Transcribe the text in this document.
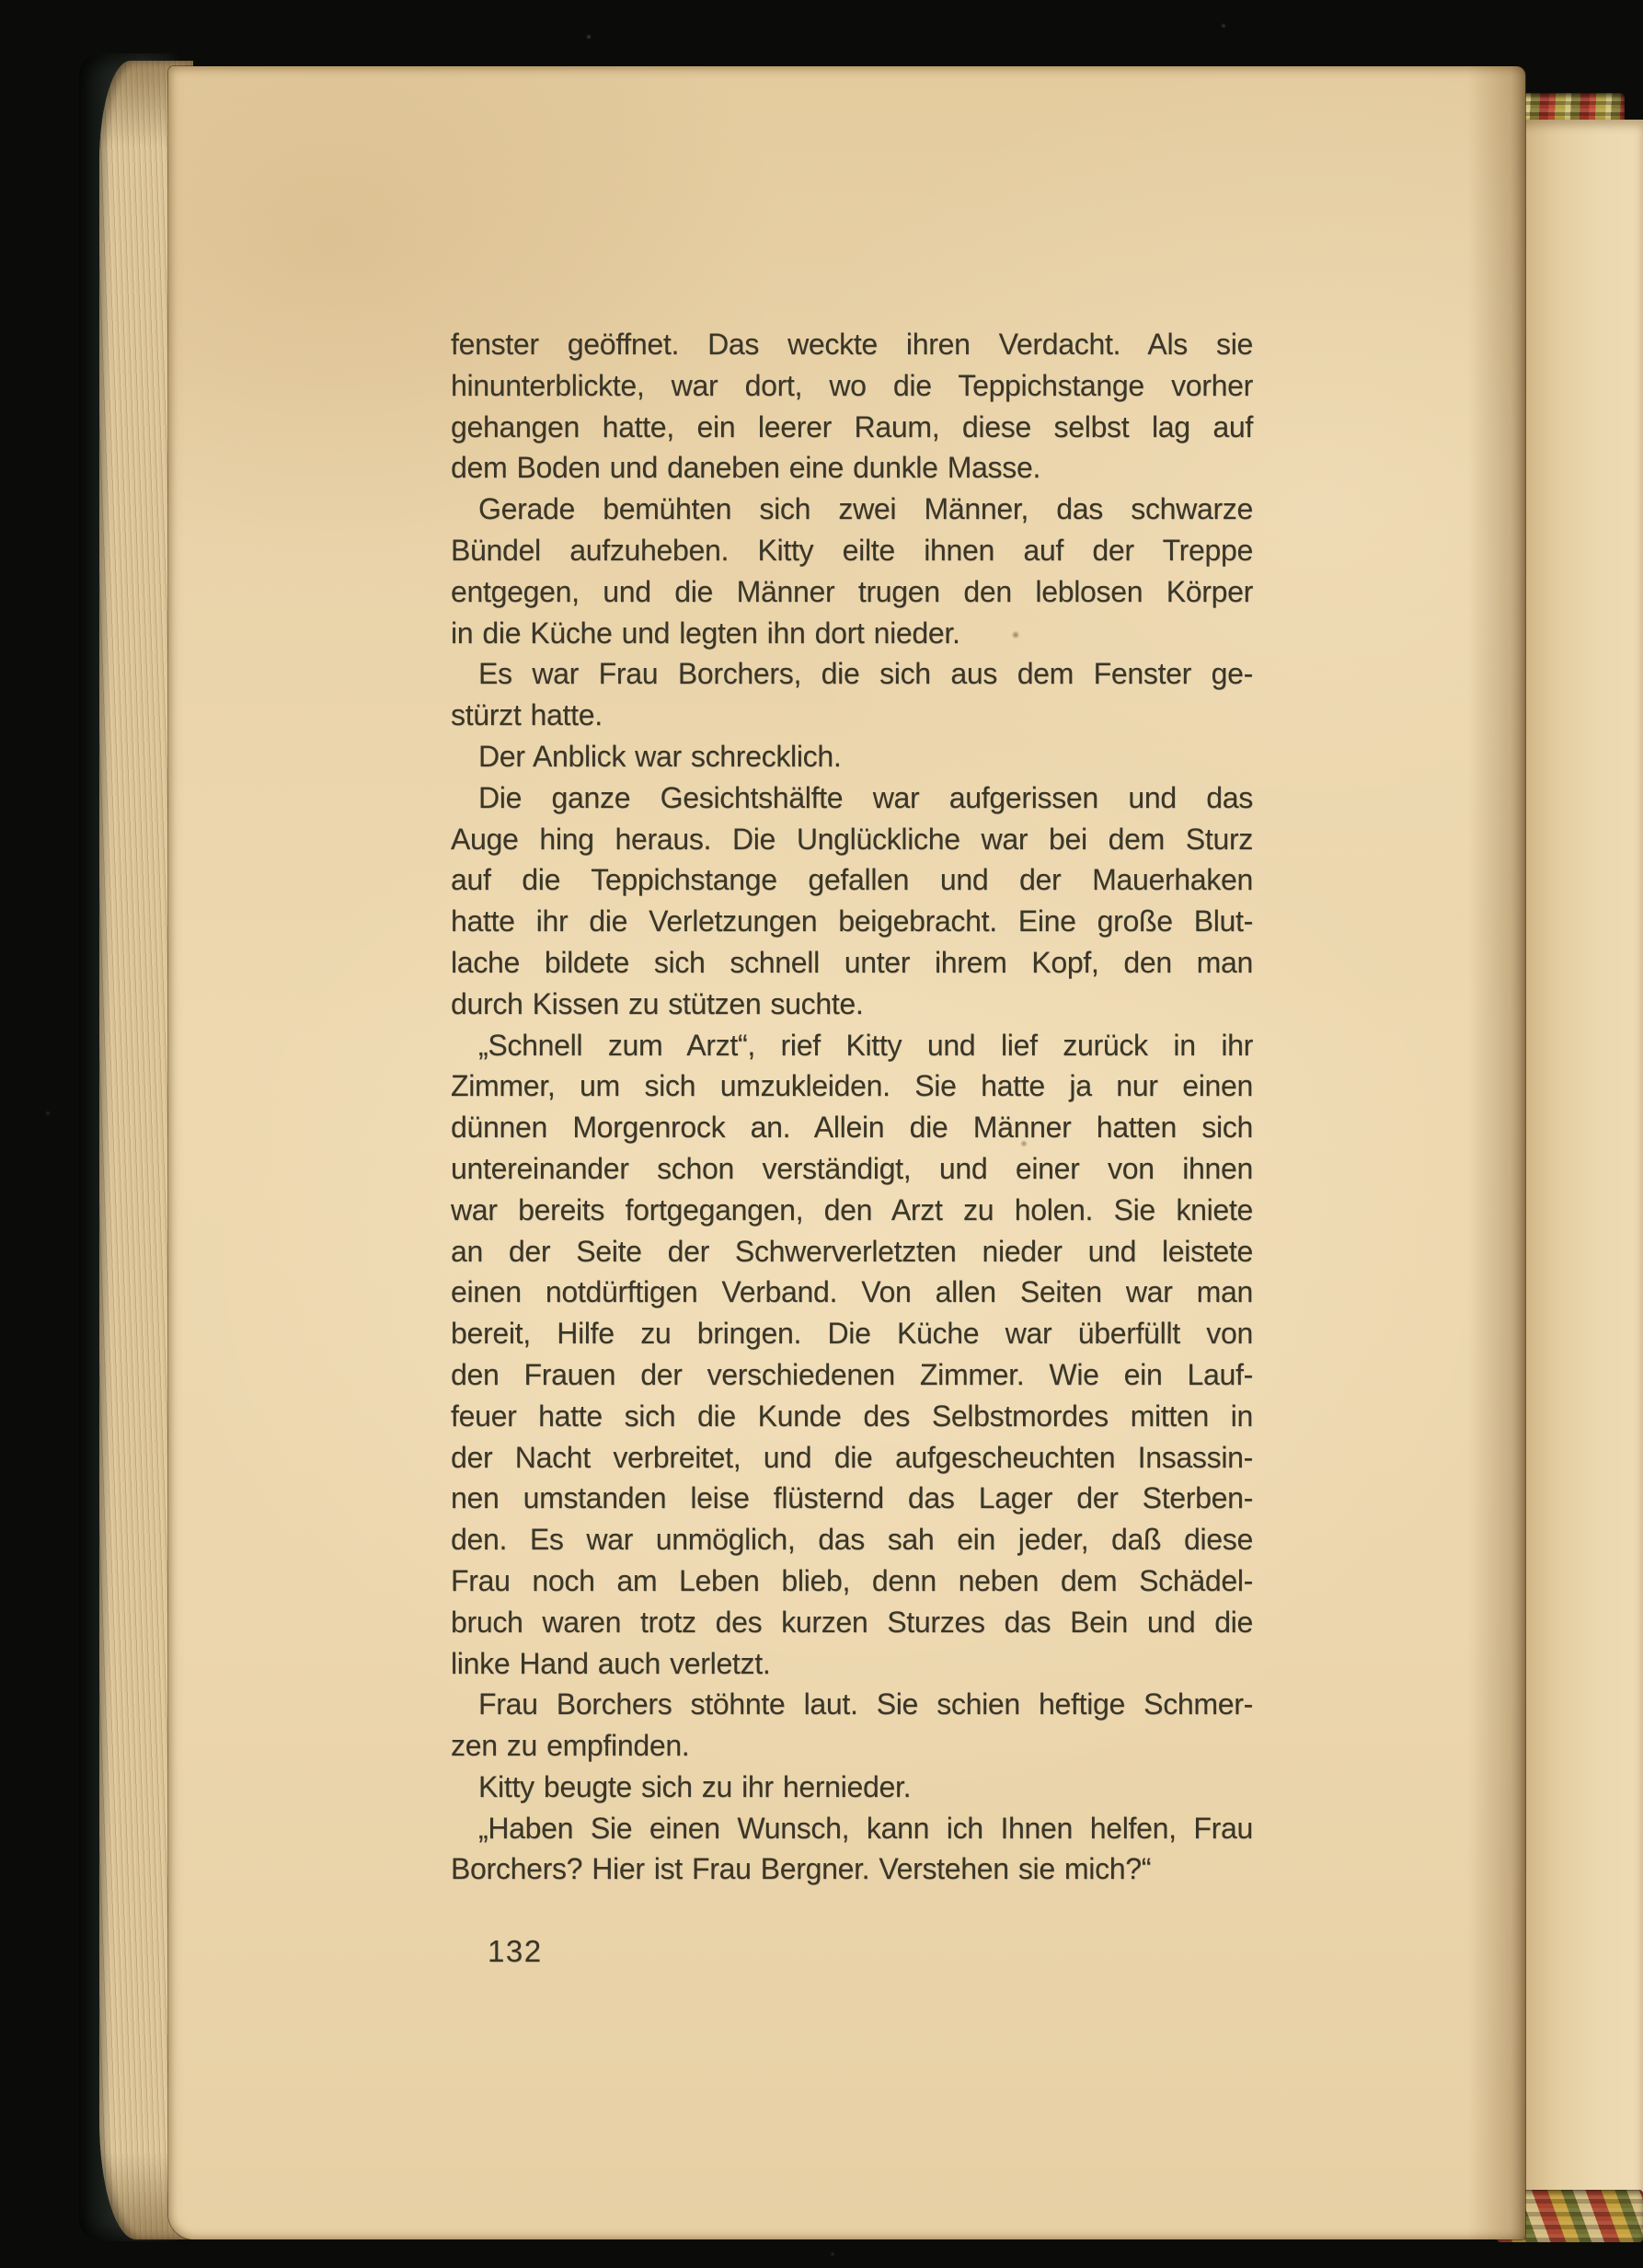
fenster geöffnet. Das weckte ihren Verdacht. Als sie
hinunterblickte, war dort, wo die Teppichstange vorher
gehangen hatte, ein leerer Raum, diese selbst lag auf
dem Boden und daneben eine dunkle Masse.
Gerade bemühten sich zwei Männer, das schwarze
Bündel aufzuheben. Kitty eilte ihnen auf der Treppe
entgegen, und die Männer trugen den leblosen Körper
in die Küche und legten ihn dort nieder.
Es war Frau Borchers, die sich aus dem Fenster ge-
stürzt hatte.
Der Anblick war schrecklich.
Die ganze Gesichtshälfte war aufgerissen und das
Auge hing heraus. Die Unglückliche war bei dem Sturz
auf die Teppichstange gefallen und der Mauerhaken
hatte ihr die Verletzungen beigebracht. Eine große Blut-
lache bildete sich schnell unter ihrem Kopf, den man
durch Kissen zu stützen suchte.
„Schnell zum Arzt“, rief Kitty und lief zurück in ihr
Zimmer, um sich umzukleiden. Sie hatte ja nur einen
dünnen Morgenrock an. Allein die Männer hatten sich
untereinander schon verständigt, und einer von ihnen
war bereits fortgegangen, den Arzt zu holen. Sie kniete
an der Seite der Schwerverletzten nieder und leistete
einen notdürftigen Verband. Von allen Seiten war man
bereit, Hilfe zu bringen. Die Küche war überfüllt von
den Frauen der verschiedenen Zimmer. Wie ein Lauf-
feuer hatte sich die Kunde des Selbstmordes mitten in
der Nacht verbreitet, und die aufgescheuchten Insassin-
nen umstanden leise flüsternd das Lager der Sterben-
den. Es war unmöglich, das sah ein jeder, daß diese
Frau noch am Leben blieb, denn neben dem Schädel-
bruch waren trotz des kurzen Sturzes das Bein und die
linke Hand auch verletzt.
Frau Borchers stöhnte laut. Sie schien heftige Schmer-
zen zu empfinden.
Kitty beugte sich zu ihr hernieder.
„Haben Sie einen Wunsch, kann ich Ihnen helfen, Frau
Borchers? Hier ist Frau Bergner. Verstehen sie mich?“
132
